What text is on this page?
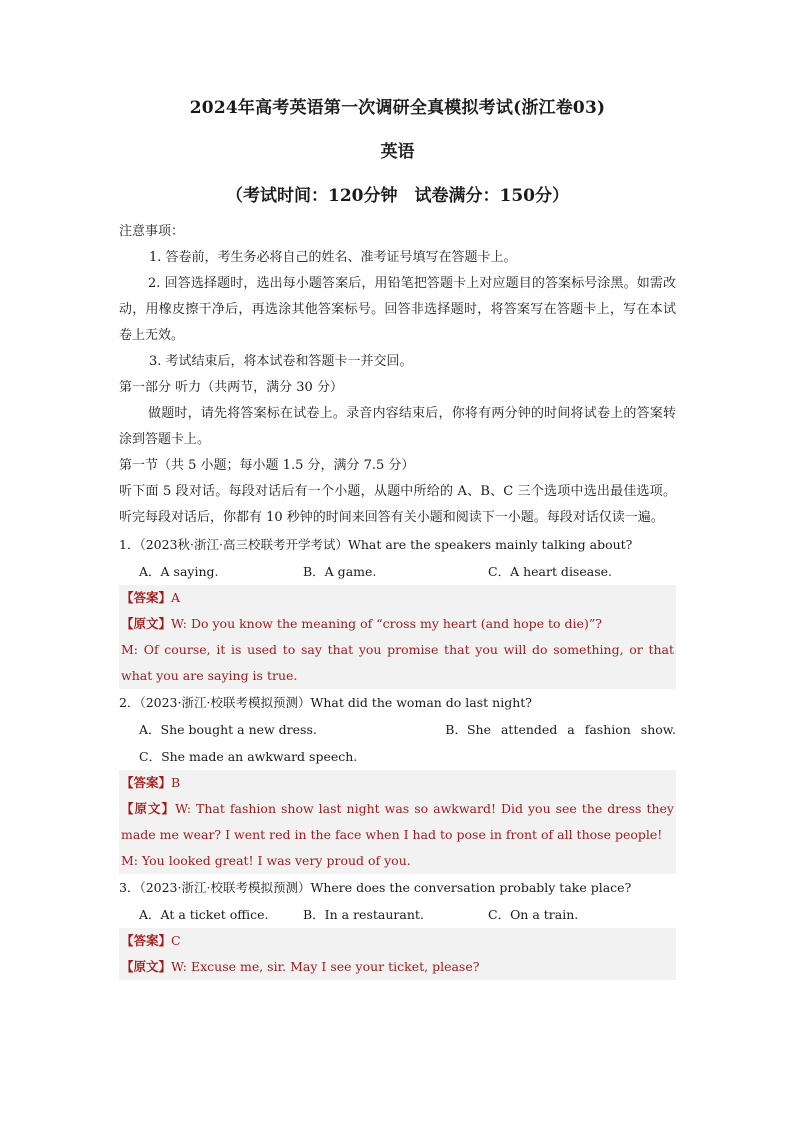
2024年高考英语第一次调研全真模拟考试(浙江卷03)
英语
（考试时间：120分钟　试卷满分：150分）

注意事项：

1. 答卷前，考生务必将自己的姓名、准考证号填写在答题卡上。

2. 回答选择题时，选出每小题答案后，用铅笔把答题卡上对应题目的答案标号涂黑。如需改动，用橡皮擦干净后，再选涂其他答案标号。回答非选择题时，将答案写在答题卡上，写在本试卷上无效。

3. 考试结束后，将本试卷和答题卡一并交回。

第一部分 听力（共两节，满分 30 分）

做题时，请先将答案标在试卷上。录音内容结束后，你将有两分钟的时间将试卷上的答案转涂到答题卡上。

第一节（共 5 小题；每小题 1.5 分，满分 7.5 分）

听下面 5 段对话。每段对话后有一个小题，从题中所给的 A、B、C 三个选项中选出最佳选项。听完每段对话后，你都有 10 秒钟的时间来回答有关小题和阅读下一小题。每段对话仅读一遍。

1．（2023秋·浙江·高三校联考开学考试）What are the speakers mainly talking about?
A．A saying.	B．A game.	C．A heart disease.
【答案】A
【原文】W: Do you know the meaning of “cross my heart (and hope to die)”?
M: Of course, it is used to say that you promise that you will do something, or that what you are saying is true.
2．（2023·浙江·校联考模拟预测）What did the woman do last night?
A．She bought a new dress.	B．She attended a fashion show.
C．She made an awkward speech.
【答案】B
【原文】W: That fashion show last night was so awkward! Did you see the dress they made me wear? I went red in the face when I had to pose in front of all those people!
M: You looked great! I was very proud of you.
3．（2023·浙江·校联考模拟预测）Where does the conversation probably take place?
A．At a ticket office.	B．In a restaurant.	C．On a train.
【答案】C
【原文】W: Excuse me, sir. May I see your ticket, please?
